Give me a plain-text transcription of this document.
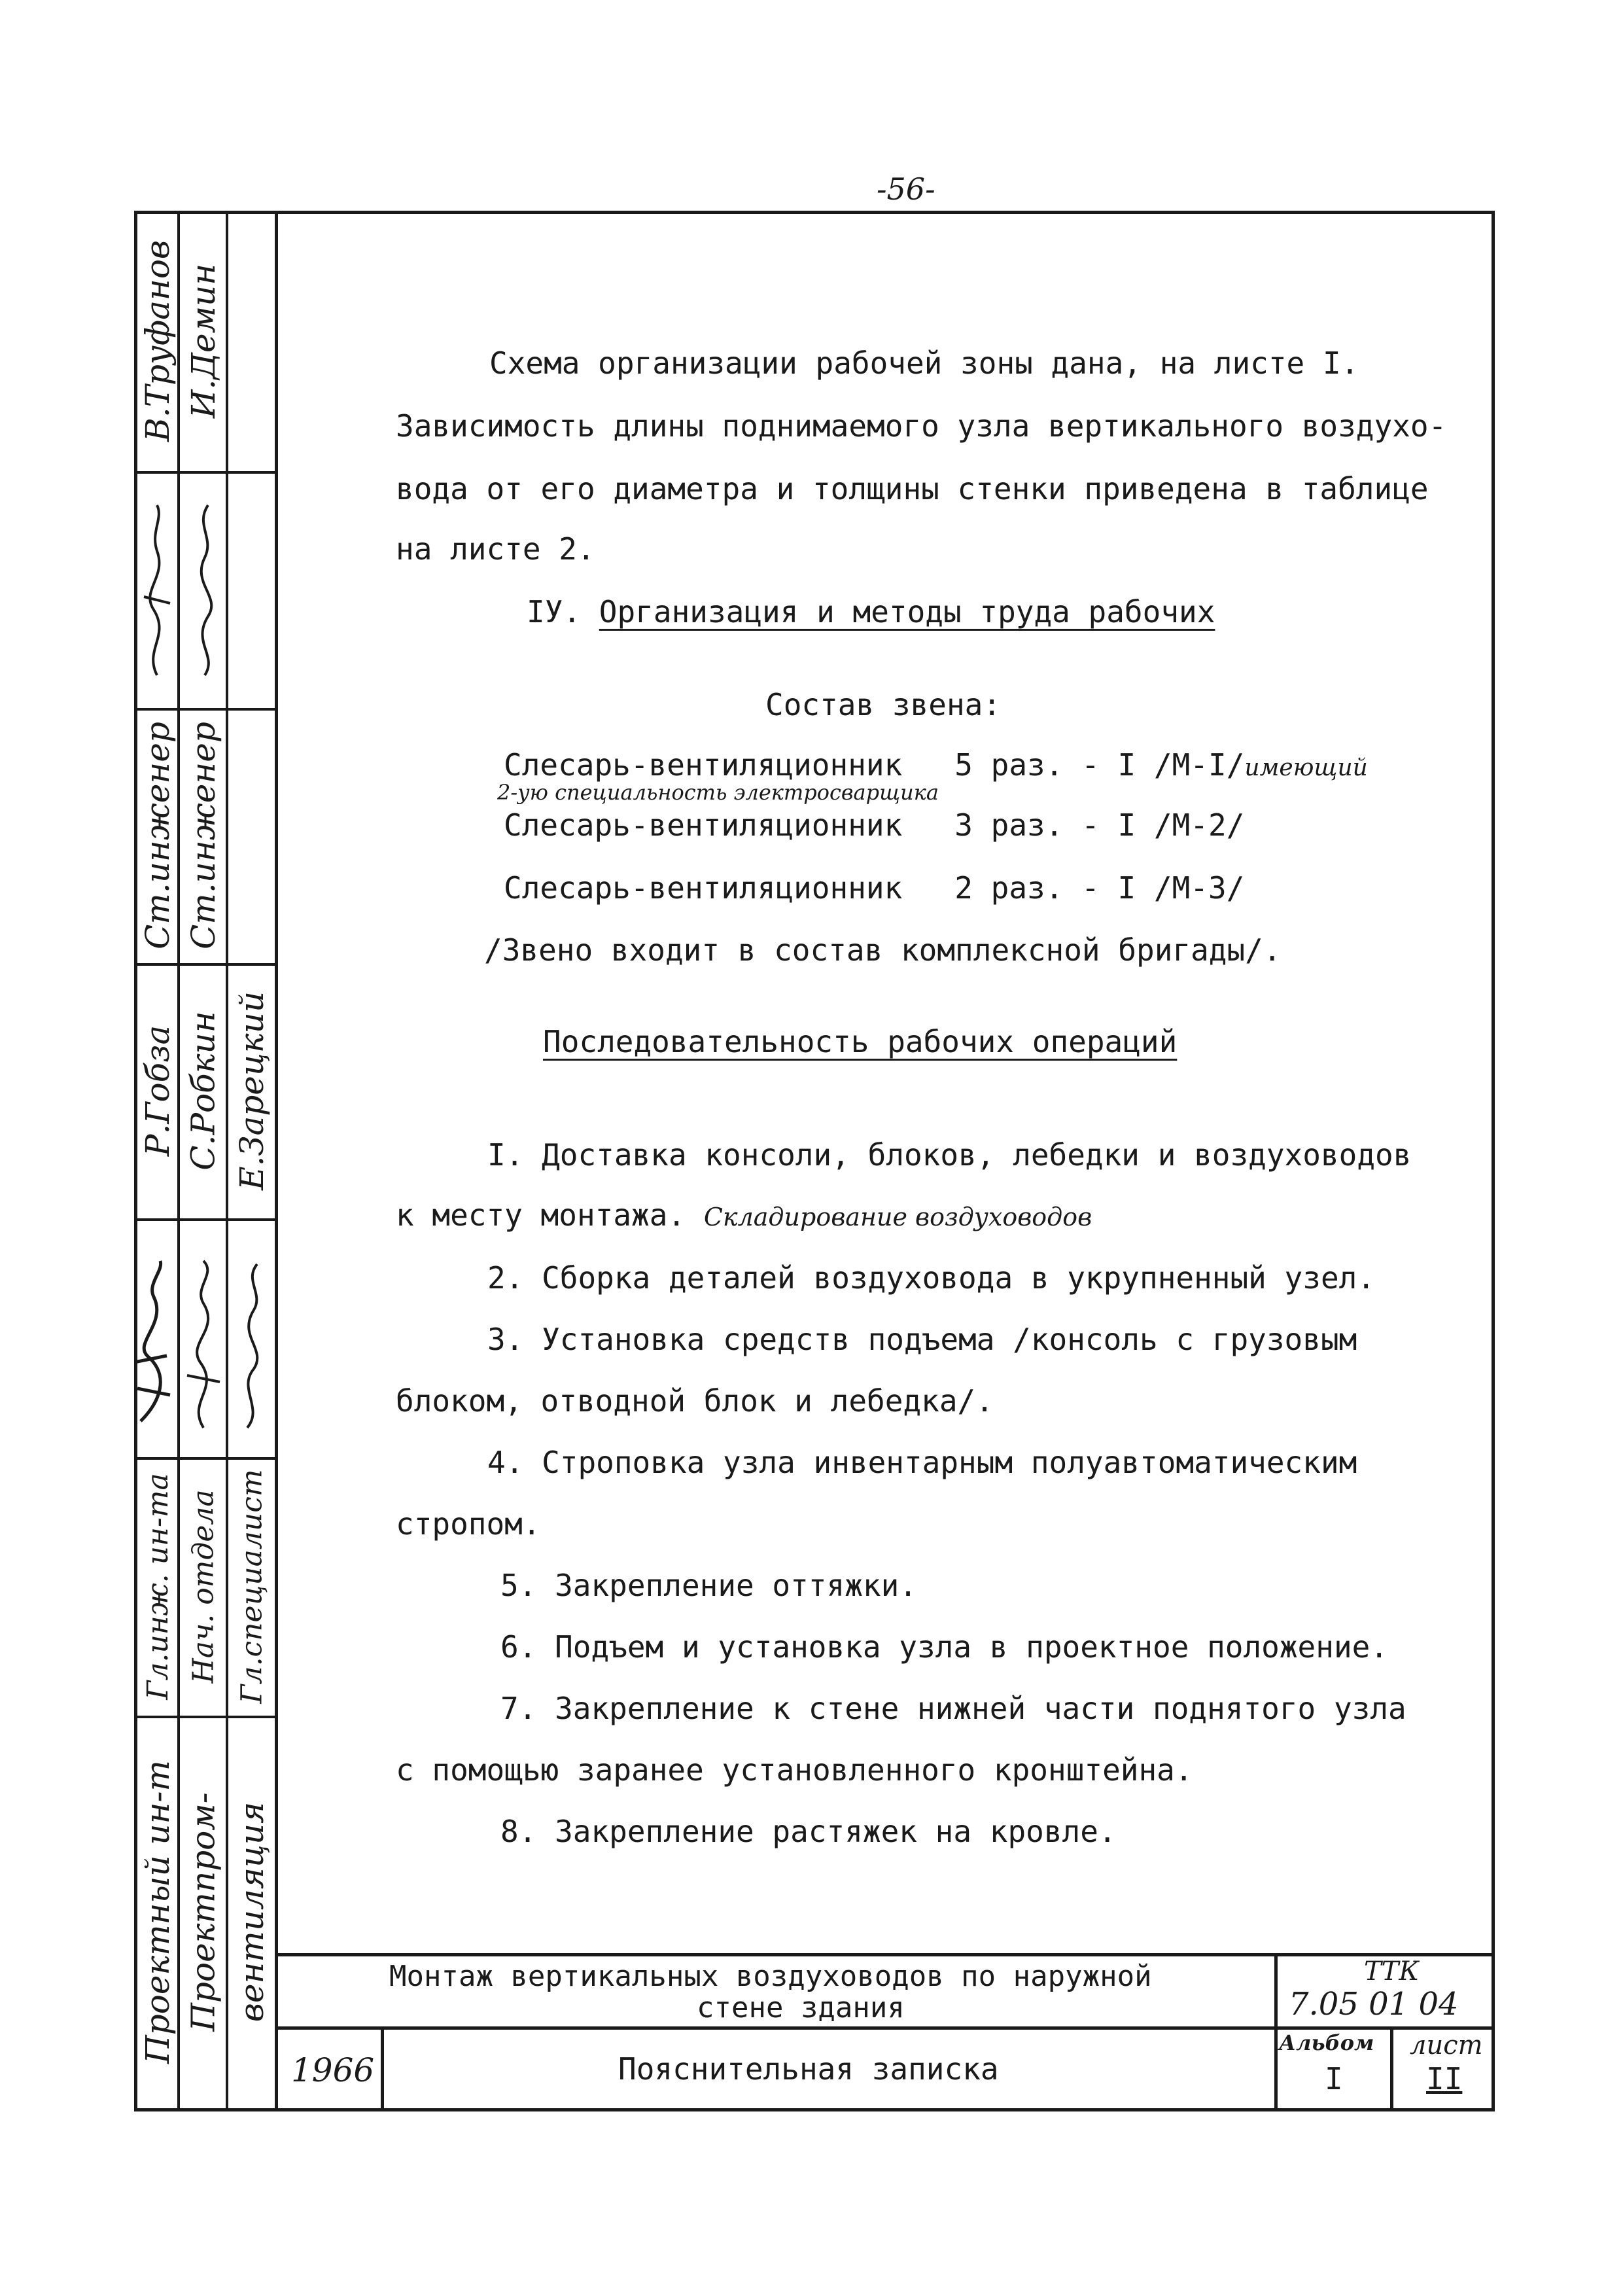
-56-
В.Труфанов И.Демин
Ст.инженер Ст.инженер
Р.Гобза С.Робкин Е.Зарецкий
Гл.инж. ин-та Нач. отдела Гл.специалист
Проектный ин-т Проектпром- вентиляция
Схема организации рабочей зоны дана, на листе I.
Зависимость длины поднимаемого узла вертикального воздухо-
вода от его диаметра и толщины стенки приведена в таблице
на листе 2.
IУ. Организация и методы труда рабочих
Состав звена:
Слесарь-вентиляционник 5 раз. - I /М-I/имеющий
2-ую специальность электросварщика
Слесарь-вентиляционник 3 раз. - I /М-2/
Слесарь-вентиляционник 2 раз. - I /М-3/
/Звено входит в состав комплексной бригады/.
Последовательность рабочих операций
I. Доставка консоли, блоков, лебедки и воздуховодов
к месту монтажа. Складирование воздуховодов
2. Сборка деталей воздуховода в укрупненный узел.
3. Установка средств подъема /консоль с грузовым
блоком, отводной блок и лебедка/.
4. Строповка узла инвентарным полуавтоматическим
стропом.
5. Закрепление оттяжки.
6. Подъем и установка узла в проектное положение.
7. Закрепление к стене нижней части поднятого узла
с помощью заранее установленного кронштейна.
8. Закрепление растяжек на кровле.
Монтаж вертикальных воздуховодов по наружной
стене здания
ТТК
7.05 01 04
1966	Пояснительная записка
Альбом
I
лист
II
